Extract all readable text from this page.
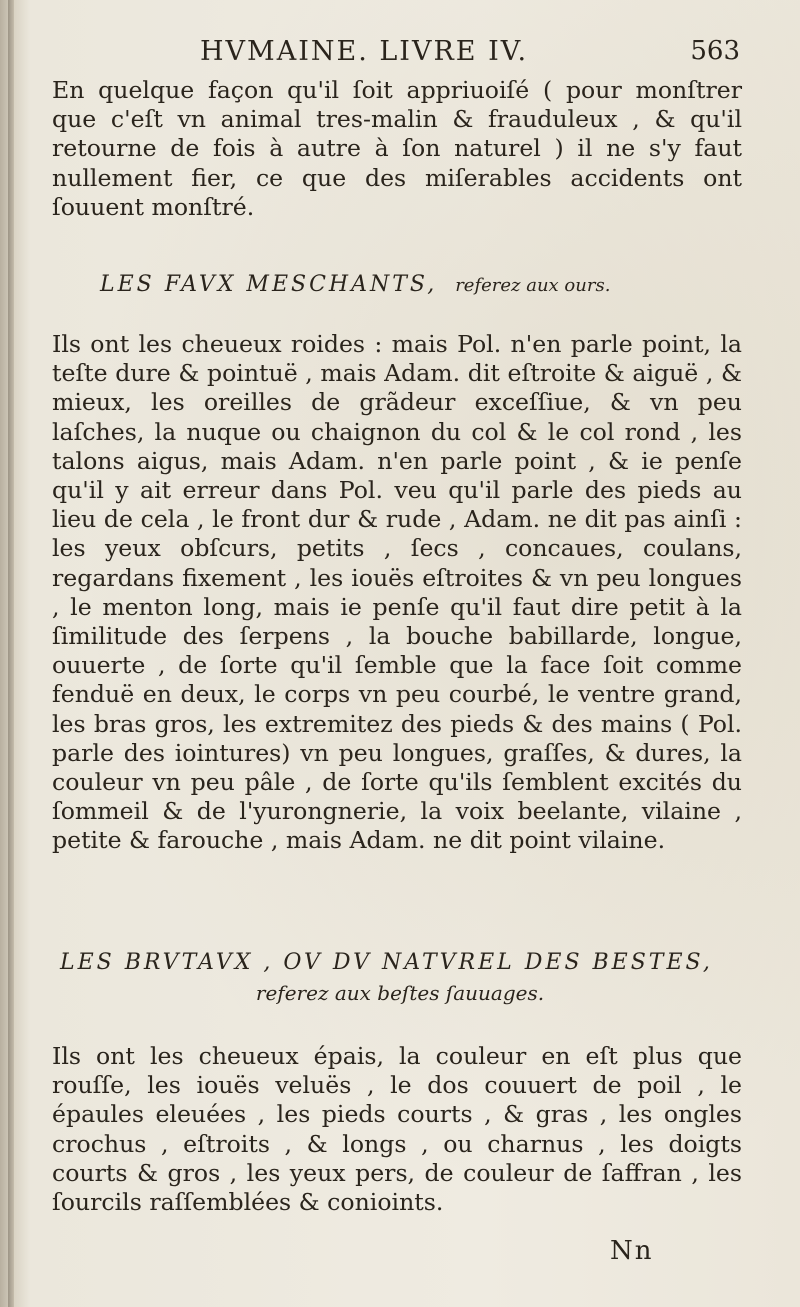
HVMAINE. LIVRE IV.	563

En quelque façon qu'il ſoit appriuoiſé ( pour monſtrer que c'eſt vn animal tres-malin & frauduleux , & qu'il retourne de fois à autre à ſon naturel ) il ne s'y faut nullement fier, ce que des miſerables accidents ont ſouuent monſtré.

LES FAVX MESCHANTS, referez aux ours.

Ils ont les cheueux roides : mais Pol. n'en parle point, la teſte dure & pointuë , mais Adam. dit eſtroite & aiguë , & mieux, les oreilles de grãdeur exceſſiue, & vn peu laſches, la nuque ou chaignon du col & le col rond , les talons aigus, mais Adam. n'en parle point , & ie penſe qu'il y ait erreur dans Pol. veu qu'il parle des pieds au lieu de cela , le front dur & rude , Adam. ne dit pas ainſi : les yeux obſcurs, petits , ſecs , concaues, coulans, regardans fixement , les iouës eſtroites & vn peu longues , le menton long, mais ie penſe qu'il faut dire petit à la ſimilitude des ſerpens , la bouche babillarde, longue, ouuerte , de ſorte qu'il ſemble que la face ſoit comme fenduë en deux, le corps vn peu courbé, le ventre grand, les bras gros, les extremitez des pieds & des mains ( Pol. parle des iointures) vn peu longues, graſſes, & dures, la couleur vn peu pâle , de ſorte qu'ils ſemblent excités du ſommeil & de l'yurongnerie, la voix beelante, vilaine , petite & farouche , mais Adam. ne dit point vilaine.

LES BRVTAVX , OV DV NATVREL DES BESTES,
referez aux beſtes ſauuages.

Ils ont les cheueux épais, la couleur en eſt plus que rouſſe, les iouës veluës , le dos couuert de poil , le épaules eleuées , les pieds courts , & gras , les ongles crochus , eſtroits , & longs , ou charnus , les doigts courts & gros , les yeux pers, de couleur de ſaffran , les ſourcils raſſemblées & conioints.

Nn
